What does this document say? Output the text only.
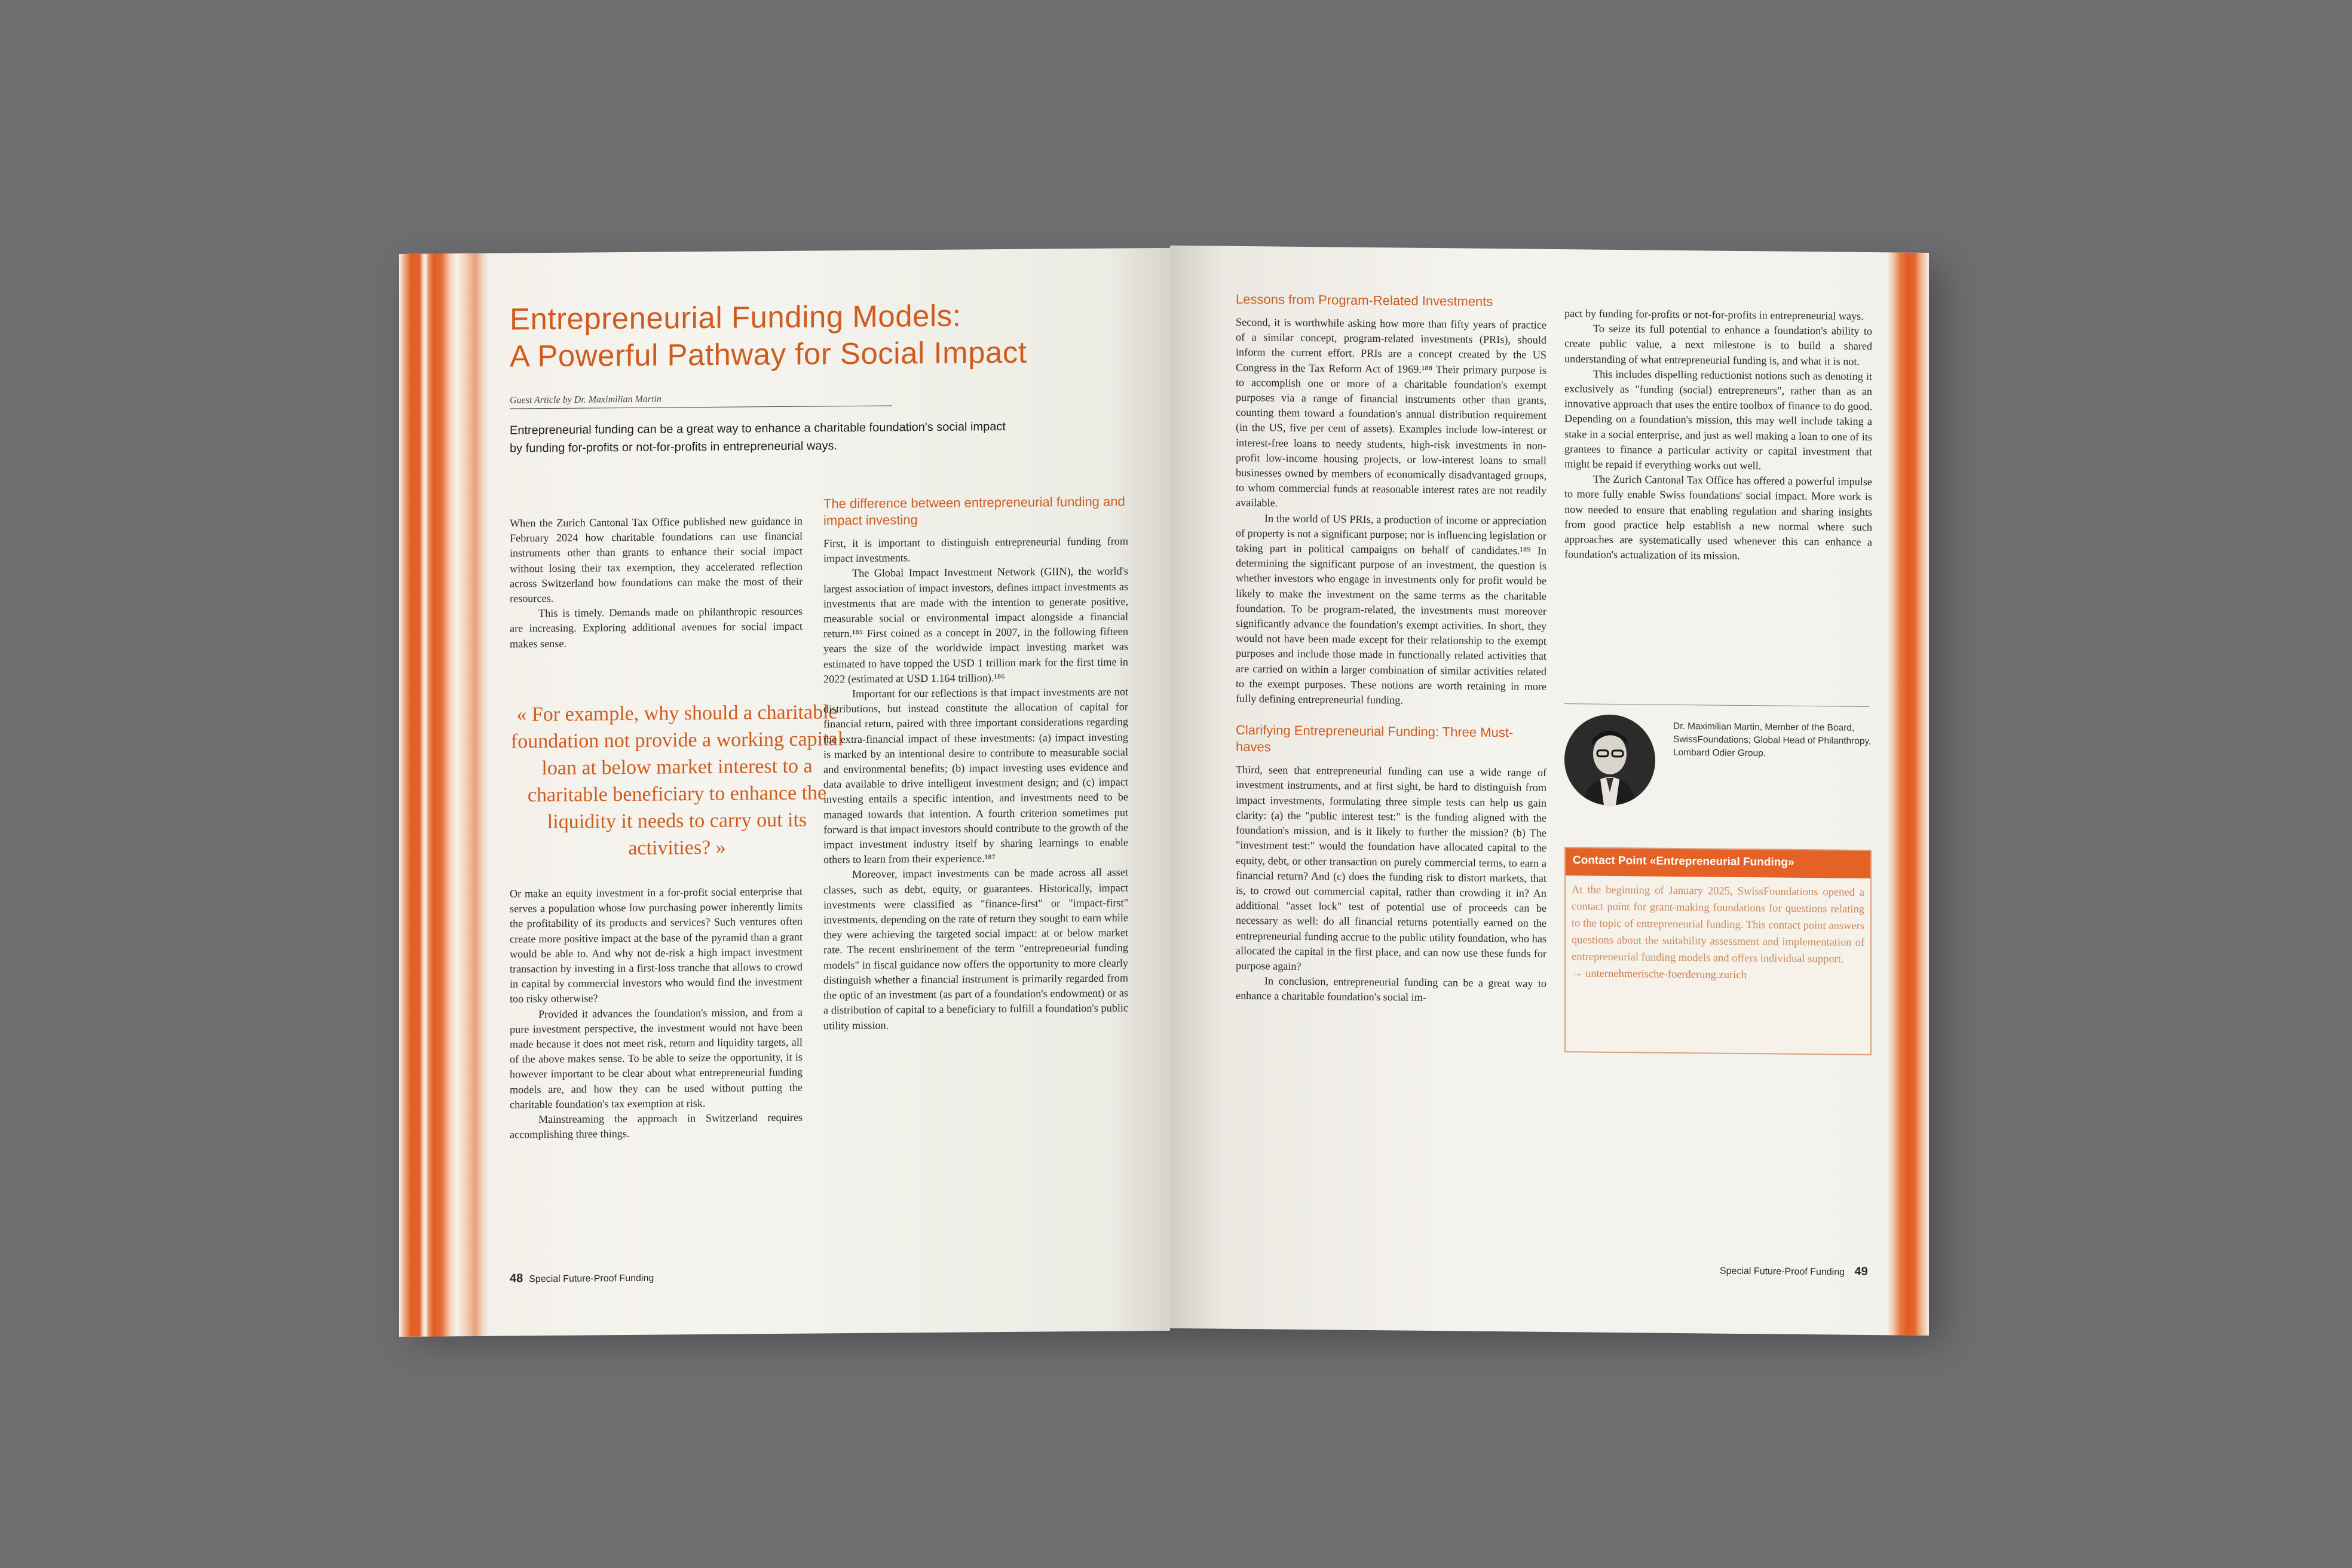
Entrepreneurial Funding Models:
A Powerful Pathway for Social Impact
Guest Article by Dr. Maximilian Martin
Entrepreneurial funding can be a great way to enhance a charitable foundation's social impact by funding for-profits or not-for-profits in entrepreneurial ways.

When the Zurich Cantonal Tax Office published new guidance in February 2024 how charitable foundations can use financial instruments other than grants to enhance their social impact without losing their tax exemption, they accelerated reflection across Switzerland how foundations can make the most of their resources.

This is timely. Demands made on philanthropic resources are increasing. Exploring additional avenues for social impact makes sense.

« For example, why should a charitable foundation not provide a working capital loan at below market interest to a charitable beneficiary to enhance the liquidity it needs to carry out its activities? »

Or make an equity investment in a for-profit social enterprise that serves a population whose low purchasing power inherently limits the profitability of its products and services? Such ventures often create more positive impact at the base of the pyramid than a grant would be able to. And why not de-risk a high impact investment transaction by investing in a first-loss tranche that allows to crowd in capital by commercial investors who would find the investment too risky otherwise?

Provided it advances the foundation's mission, and from a pure investment perspective, the investment would not have been made because it does not meet risk, return and liquidity targets, all of the above makes sense. To be able to seize the opportunity, it is however important to be clear about what entrepreneurial funding models are, and how they can be used without putting the charitable foundation's tax exemption at risk.

Mainstreaming the approach in Switzerland requires accomplishing three things.

The difference between entrepreneurial funding and impact investing

First, it is important to distinguish entrepreneurial funding from impact investments.

The Global Impact Investment Network (GIIN), the world's largest association of impact investors, defines impact investments as investments that are made with the intention to generate positive, measurable social or environmental impact alongside a financial return.¹⁸⁵ First coined as a concept in 2007, in the following fifteen years the size of the worldwide impact investing market was estimated to have topped the USD 1 trillion mark for the first time in 2022 (estimated at USD 1.164 trillion).¹⁸⁶

Important for our reflections is that impact investments are not distributions, but instead constitute the allocation of capital for financial return, paired with three important considerations regarding the extra-financial impact of these investments: (a) impact investing is marked by an intentional desire to contribute to measurable social and environmental benefits; (b) impact investing uses evidence and data available to drive intelligent investment design; and (c) impact investing entails a specific intention, and investments need to be managed towards that intention. A fourth criterion sometimes put forward is that impact investors should contribute to the growth of the impact investment industry itself by sharing learnings to enable others to learn from their experience.¹⁸⁷

Moreover, impact investments can be made across all asset classes, such as debt, equity, or guarantees. Historically, impact investments were classified as "finance-first" or "impact-first" investments, depending on the rate of return they sought to earn while they were achieving the targeted social impact: at or below market rate. The recent enshrinement of the term "entrepreneurial funding models" in fiscal guidance now offers the opportunity to more clearly distinguish whether a financial instrument is primarily regarded from the optic of an investment (as part of a foundation's endowment) or as a distribution of capital to a beneficiary to fulfill a foundation's public utility mission.

48 Special Future-Proof Funding
Lessons from Program-Related Investments

Second, it is worthwhile asking how more than fifty years of practice of a similar concept, program-related investments (PRIs), should inform the current effort. PRIs are a concept created by the US Congress in the Tax Reform Act of 1969.¹⁸⁸ Their primary purpose is to accomplish one or more of a charitable foundation's exempt purposes via a range of financial instruments other than grants, counting them toward a foundation's annual distribution requirement (in the US, five per cent of assets). Examples include low-interest or interest-free loans to needy students, high-risk investments in non-profit low-income housing projects, or low-interest loans to small businesses owned by members of economically disadvantaged groups, to whom commercial funds at reasonable interest rates are not readily available.

In the world of US PRIs, a production of income or appreciation of property is not a significant purpose; nor is influencing legislation or taking part in political campaigns on behalf of candidates.¹⁸⁹ In determining the significant purpose of an investment, the question is whether investors who engage in investments only for profit would be likely to make the investment on the same terms as the charitable foundation. To be program-related, the investments must moreover significantly advance the foundation's exempt activities. In short, they would not have been made except for their relationship to the exempt purposes and include those made in functionally related activities that are carried on within a larger combination of similar activities related to the exempt purposes. These notions are worth retaining in more fully defining entrepreneurial funding.

Clarifying Entrepreneurial Funding: Three Must-haves

Third, seen that entrepreneurial funding can use a wide range of investment instruments, and at first sight, be hard to distinguish from impact investments, formulating three simple tests can help us gain clarity: (a) the "public interest test:" is the funding aligned with the foundation's mission, and is it likely to further the mission? (b) The "investment test:" would the foundation have allocated capital to the equity, debt, or other transaction on purely commercial terms, to earn a financial return? And (c) does the funding risk to distort markets, that is, to crowd out commercial capital, rather than crowding it in? An additional "asset lock" test of potential use of proceeds can be necessary as well: do all financial returns potentially earned on the entrepreneurial funding accrue to the public utility foundation, who has allocated the capital in the first place, and can now use these funds for purpose again?

In conclusion, entrepreneurial funding can be a great way to enhance a charitable foundation's social im-

pact by funding for-profits or not-for-profits in entrepreneurial ways.

To seize its full potential to enhance a foundation's ability to create public value, a next milestone is to build a shared understanding of what entrepreneurial funding is, and what it is not.

This includes dispelling reductionist notions such as denoting it exclusively as "funding (social) entrepreneurs", rather than as an innovative approach that uses the entire toolbox of finance to do good. Depending on a foundation's mission, this may well include taking a stake in a social enterprise, and just as well making a loan to one of its grantees to finance a particular activity or capital investment that might be repaid if everything works out well.

The Zurich Cantonal Tax Office has offered a powerful impulse to more fully enable Swiss foundations' social impact. More work is now needed to ensure that enabling regulation and sharing insights from good practice help establish a new normal where such approaches are systematically used whenever this can enhance a foundation's actualization of its mission.

Dr. Maximilian Martin, Member of the Board, SwissFoundations; Global Head of Philanthropy, Lombard Odier Group.
Contact Point «Entrepreneurial Funding»
At the beginning of January 2025, SwissFoundations opened a contact point for grant-making foundations for questions relating to the topic of entrepreneurial funding. This contact point answers questions about the suitability assessment and implementation of entrepreneurial funding models and offers individual support.
→ unternehmerische-foerderung.zurich
Special Future-Proof Funding 49
